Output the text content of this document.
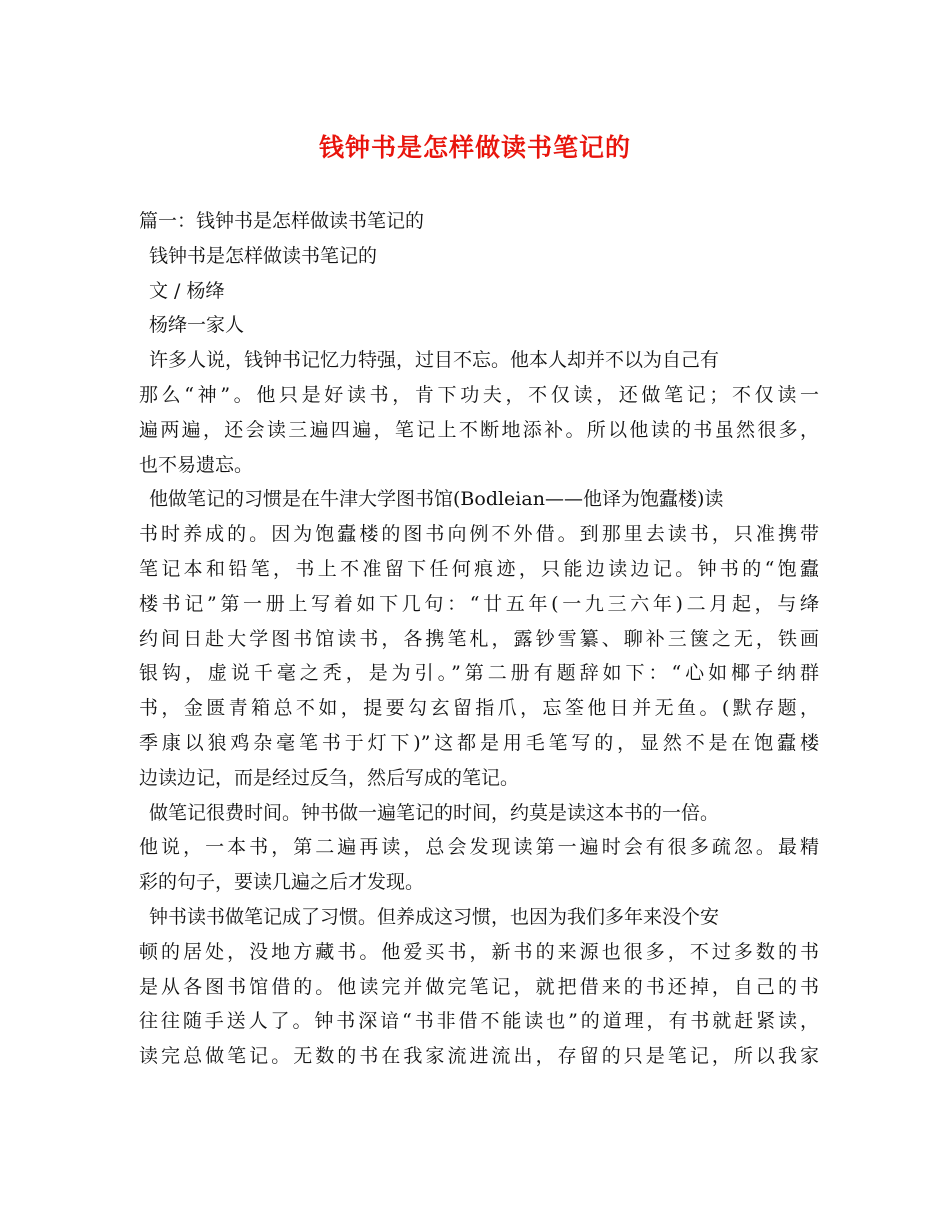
钱钟书是怎样做读书笔记的
篇一：钱钟书是怎样做读书笔记的
钱钟书是怎样做读书笔记的
文 / 杨绛
杨绛一家人
许多人说，钱钟书记忆力特强，过目不忘。他本人却并不以为自己有
那么“神”。他只是好读书，肯下功夫，不仅读，还做笔记；不仅读一
遍两遍，还会读三遍四遍，笔记上不断地添补。所以他读的书虽然很多，
也不易遗忘。
他做笔记的习惯是在牛津大学图书馆(Bodleian——他译为饱蠹楼)读
书时养成的。因为饱蠹楼的图书向例不外借。到那里去读书，只准携带
笔记本和铅笔，书上不准留下任何痕迹，只能边读边记。钟书的“饱蠹
楼书记”第一册上写着如下几句：“廿五年(一九三六年)二月起，与绛
约间日赴大学图书馆读书，各携笔札，露钞雪纂、聊补三箧之无，铁画
银钩，虚说千毫之秃，是为引。”第二册有题辞如下：“心如椰子纳群
书，金匮青箱总不如，提要勾玄留指爪，忘筌他日并无鱼。(默存题，
季康以狼鸡杂毫笔书于灯下)”这都是用毛笔写的，显然不是在饱蠹楼
边读边记，而是经过反刍，然后写成的笔记。
做笔记很费时间。钟书做一遍笔记的时间，约莫是读这本书的一倍。
他说，一本书，第二遍再读，总会发现读第一遍时会有很多疏忽。最精
彩的句子，要读几遍之后才发现。
钟书读书做笔记成了习惯。但养成这习惯，也因为我们多年来没个安
顿的居处，没地方藏书。他爱买书，新书的来源也很多，不过多数的书
是从各图书馆借的。他读完并做完笔记，就把借来的书还掉，自己的书
往往随手送人了。钟书深谙“书非借不能读也”的道理，有书就赶紧读，
读完总做笔记。无数的书在我家流进流出，存留的只是笔记，所以我家
